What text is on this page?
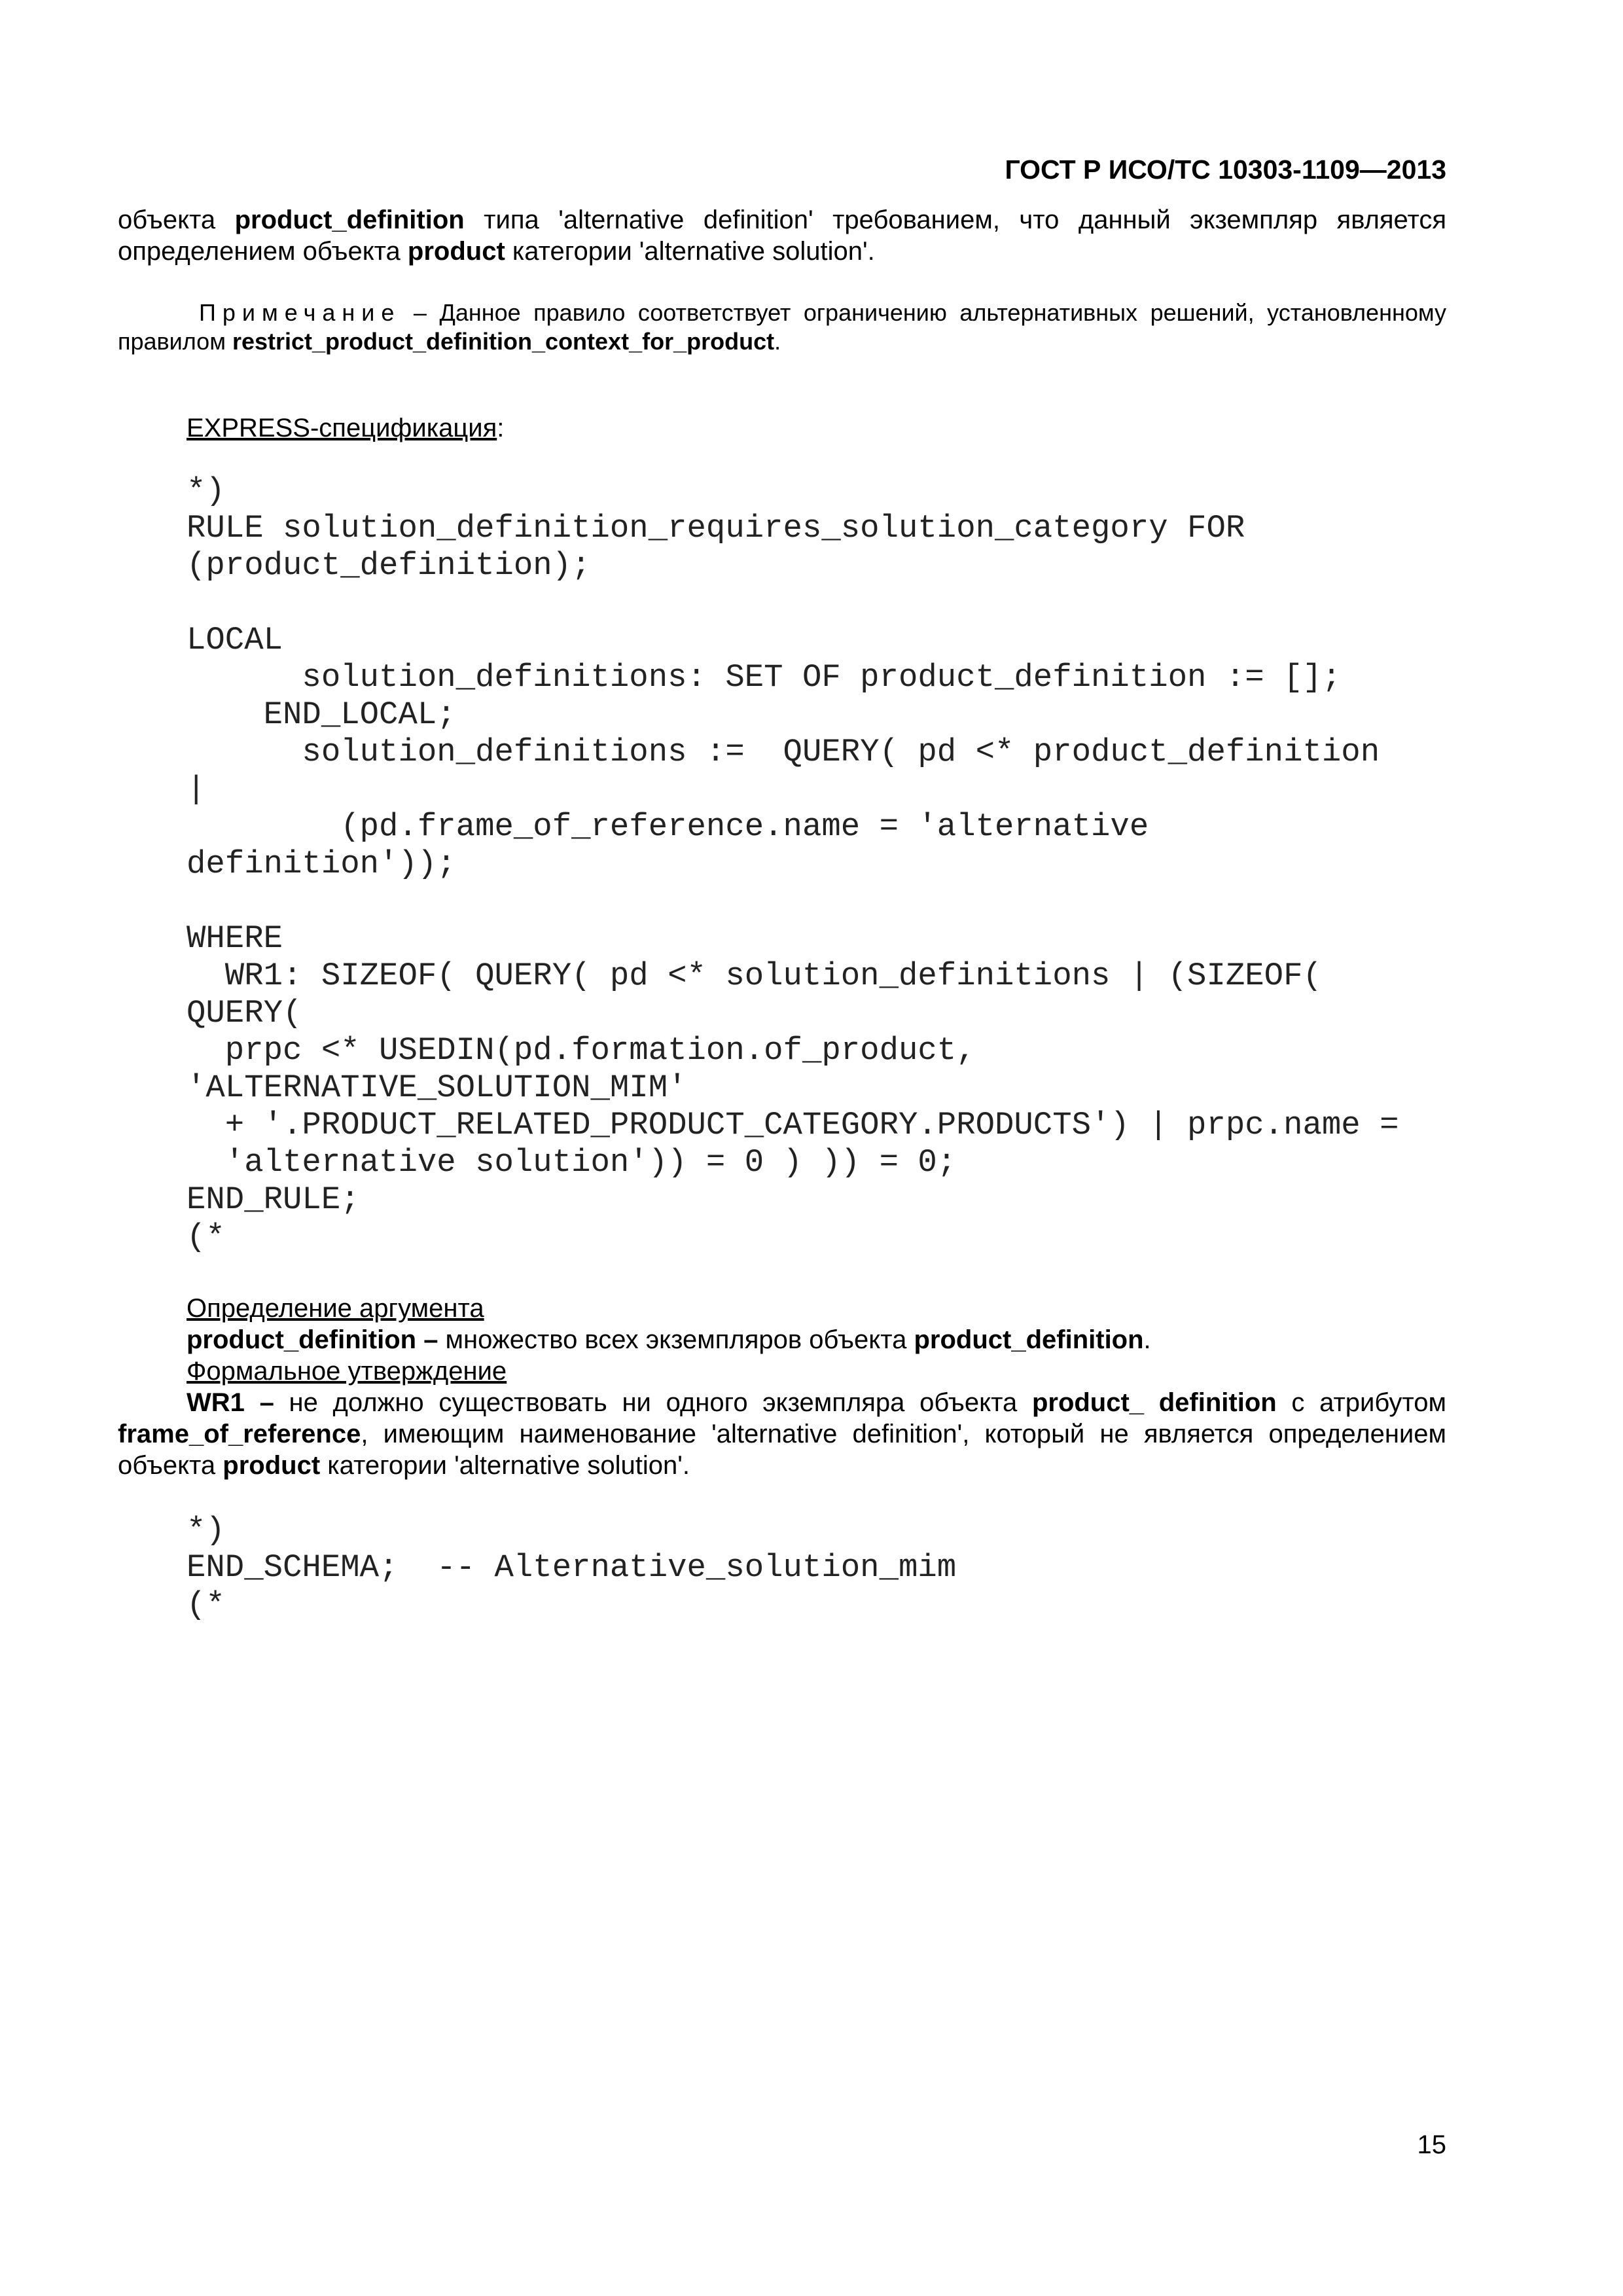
ГОСТ Р ИСО/ТС 10303-1109—2013

объекта product_definition типа 'alternative definition' требованием, что данный экземпляр является определением объекта product категории 'alternative solution'.

Примечание – Данное правило соответствует ограничению альтернативных решений, установленному правилом restrict_product_definition_context_for_product.

EXPRESS-спецификация:

*)
RULE solution_definition_requires_solution_category FOR
(product_definition);

LOCAL
solution_definitions: SET OF product_definition := [];
END_LOCAL;
solution_definitions :=  QUERY( pd <* product_definition
|
(pd.frame_of_reference.name = 'alternative
definition'));

WHERE
WR1: SIZEOF( QUERY( pd <* solution_definitions | (SIZEOF(
QUERY(
prpc <* USEDIN(pd.formation.of_product,
'ALTERNATIVE_SOLUTION_MIM'
+ '.PRODUCT_RELATED_PRODUCT_CATEGORY.PRODUCTS') | prpc.name =
'alternative solution')) = 0 ) )) = 0;
END_RULE;
(*

Определение аргумента

product_definition – множество всех экземпляров объекта product_definition.

Формальное утверждение

WR1 – не должно существовать ни одного экземпляра объекта product_ definition с атрибутом frame_of_reference, имеющим наименование 'alternative definition', который не является определением объекта product категории 'alternative solution'.

*)
END_SCHEMA;  -- Alternative_solution_mim
(*
15
